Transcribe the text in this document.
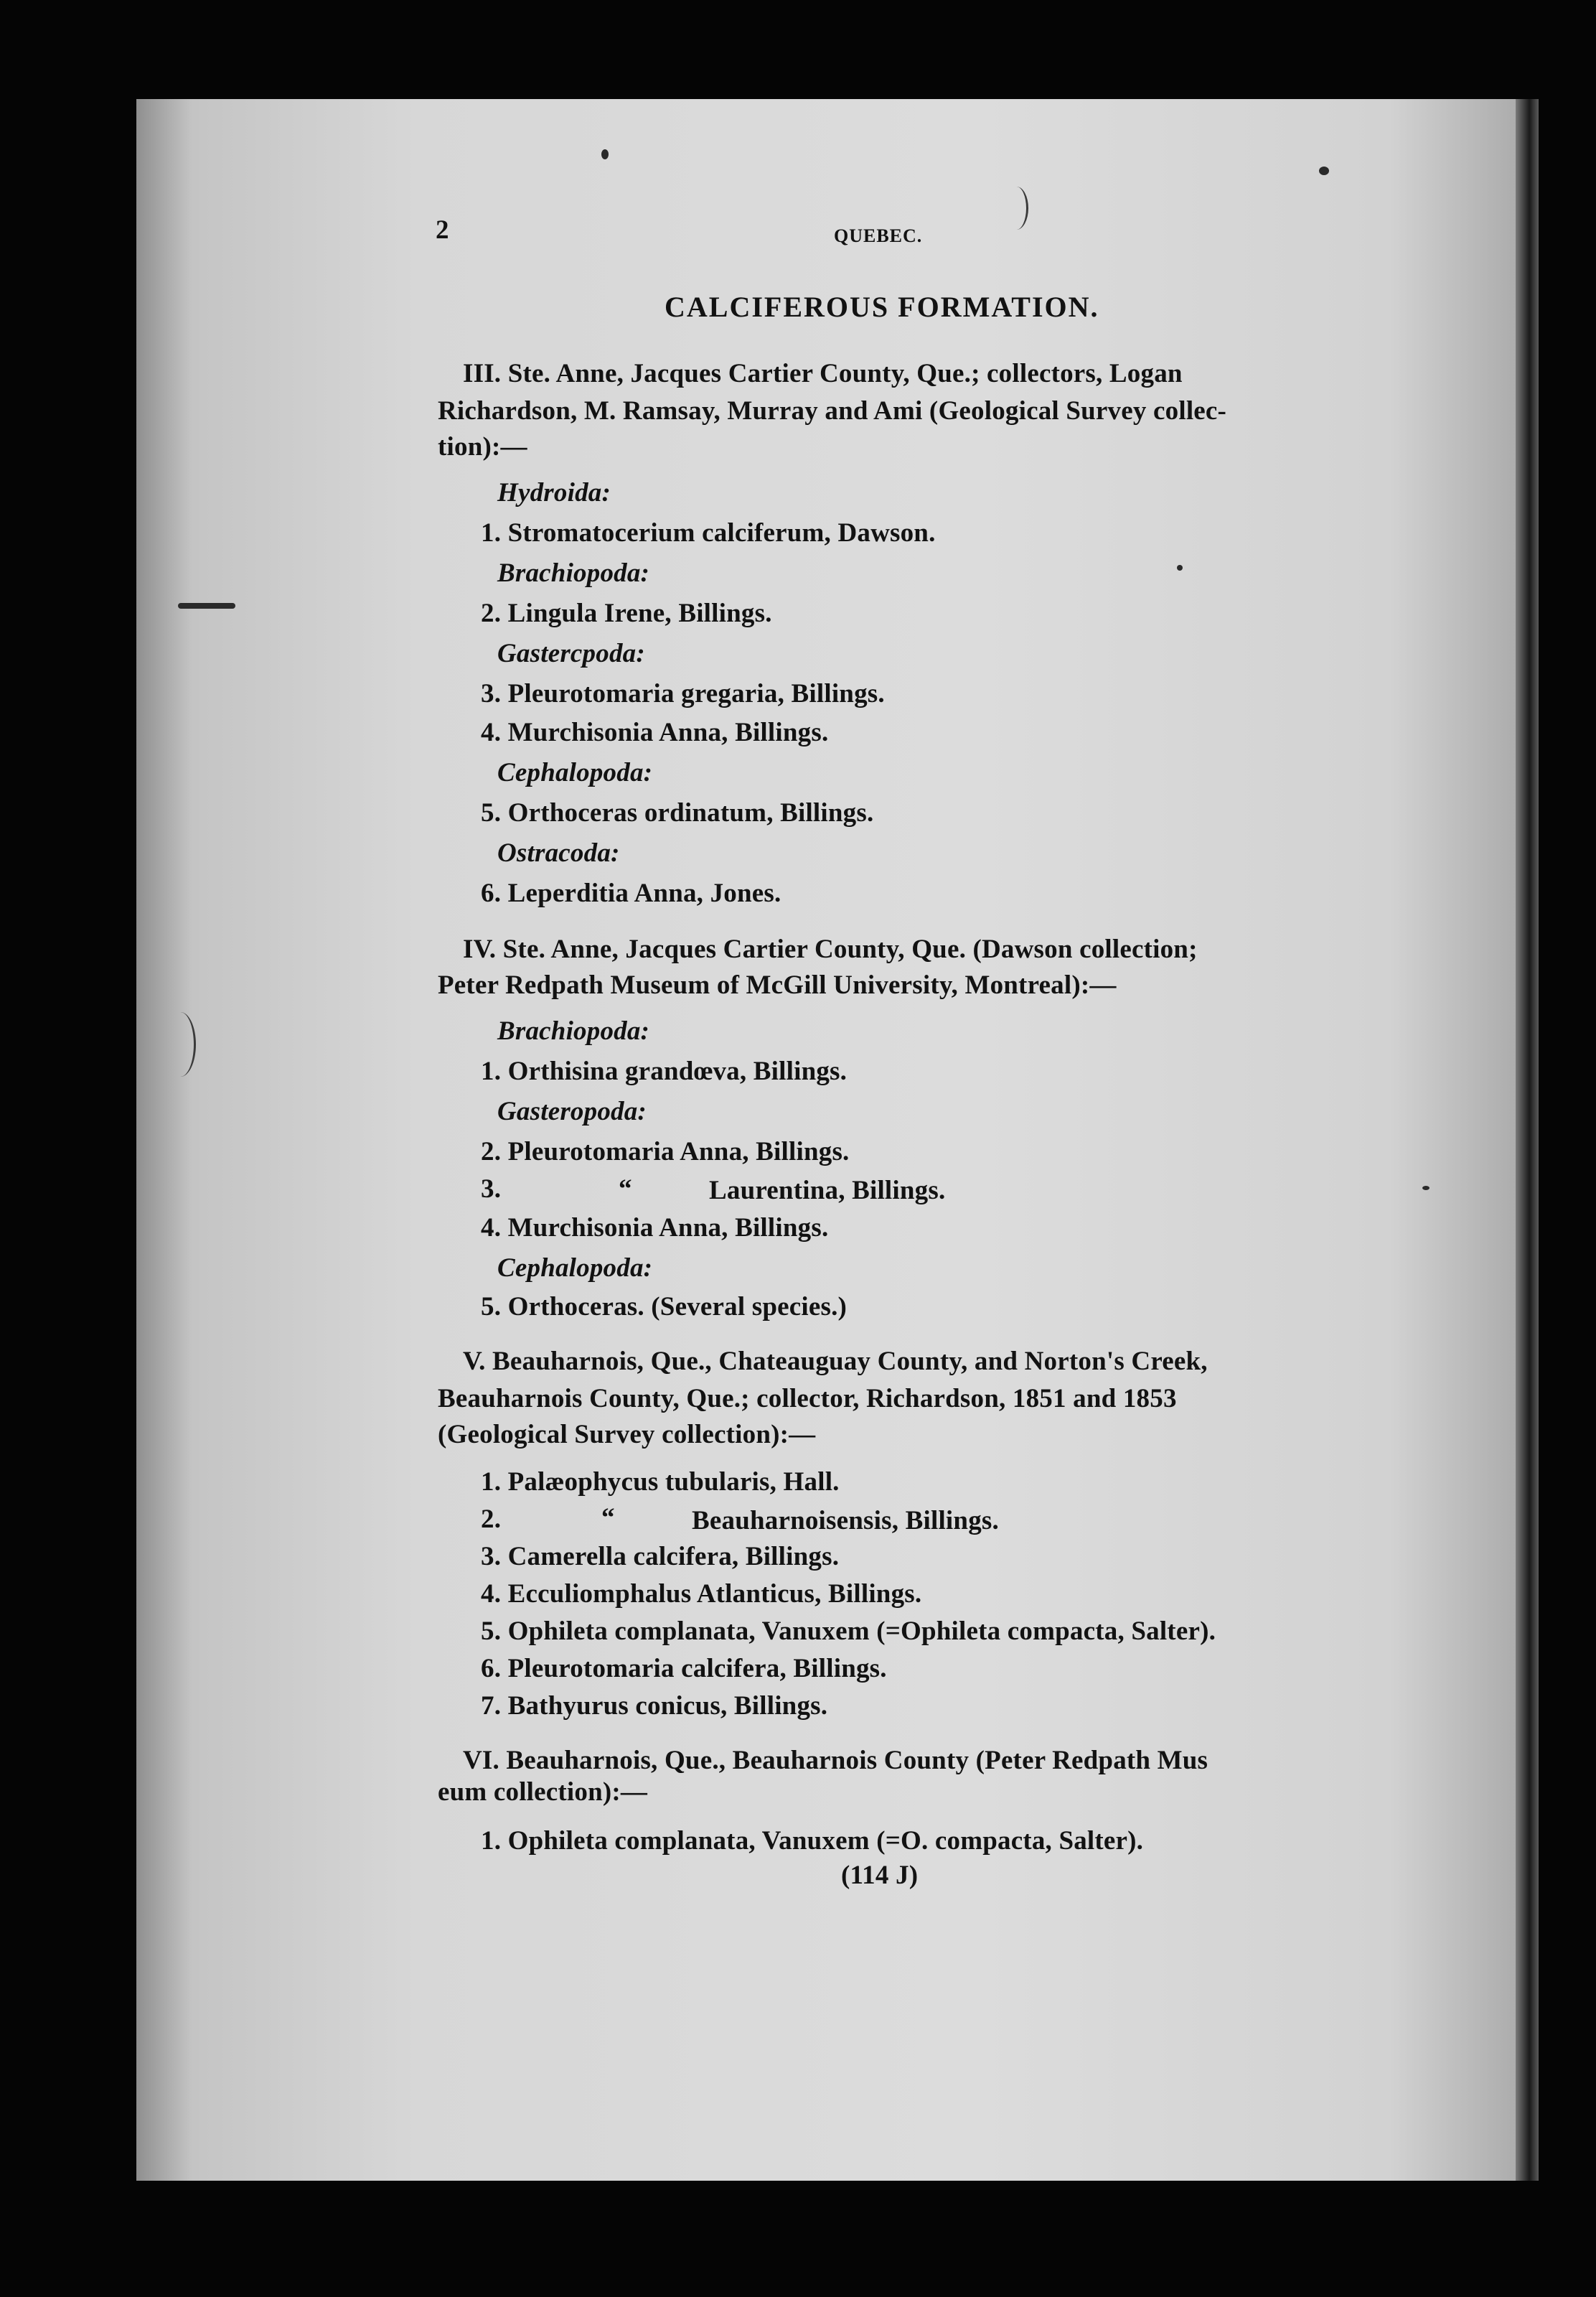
2	QUEBEC.
CALCIFEROUS FORMATION.
III. Ste. Anne, Jacques Cartier County, Que.; collectors, Logan
Richardson, M. Ramsay, Murray and Ami (Geological Survey collec-
tion):—
Hydroida:
1. Stromatocerium calciferum, Dawson.
Brachiopoda:
2. Lingula Irene, Billings.
Gastercpoda:
3. Pleurotomaria gregaria, Billings.
4. Murchisonia Anna, Billings.
Cephalopoda:
5. Orthoceras ordinatum, Billings.
Ostracoda:
6. Leperditia Anna, Jones.
IV. Ste. Anne, Jacques Cartier County, Que. (Dawson collection;
Peter Redpath Museum of McGill University, Montreal):—
Brachiopoda:
1. Orthisina grandœva, Billings.
Gasteropoda:
2. Pleurotomaria Anna, Billings.
3.	“	Laurentina, Billings.
4. Murchisonia Anna, Billings.
Cephalopoda:
5. Orthoceras. (Several species.)
V. Beauharnois, Que., Chateauguay County, and Norton's Creek,
Beauharnois County, Que.; collector, Richardson, 1851 and 1853
(Geological Survey collection):—
1. Palæophycus tubularis, Hall.
2.	“	Beauharnoisensis, Billings.
3. Camerella calcifera, Billings.
4. Ecculiomphalus Atlanticus, Billings.
5. Ophileta complanata, Vanuxem (=Ophileta compacta, Salter).
6. Pleurotomaria calcifera, Billings.
7. Bathyurus conicus, Billings.
VI. Beauharnois, Que., Beauharnois County (Peter Redpath Mus
eum collection):—
1. Ophileta complanata, Vanuxem (=O. compacta, Salter).
(114 J)
